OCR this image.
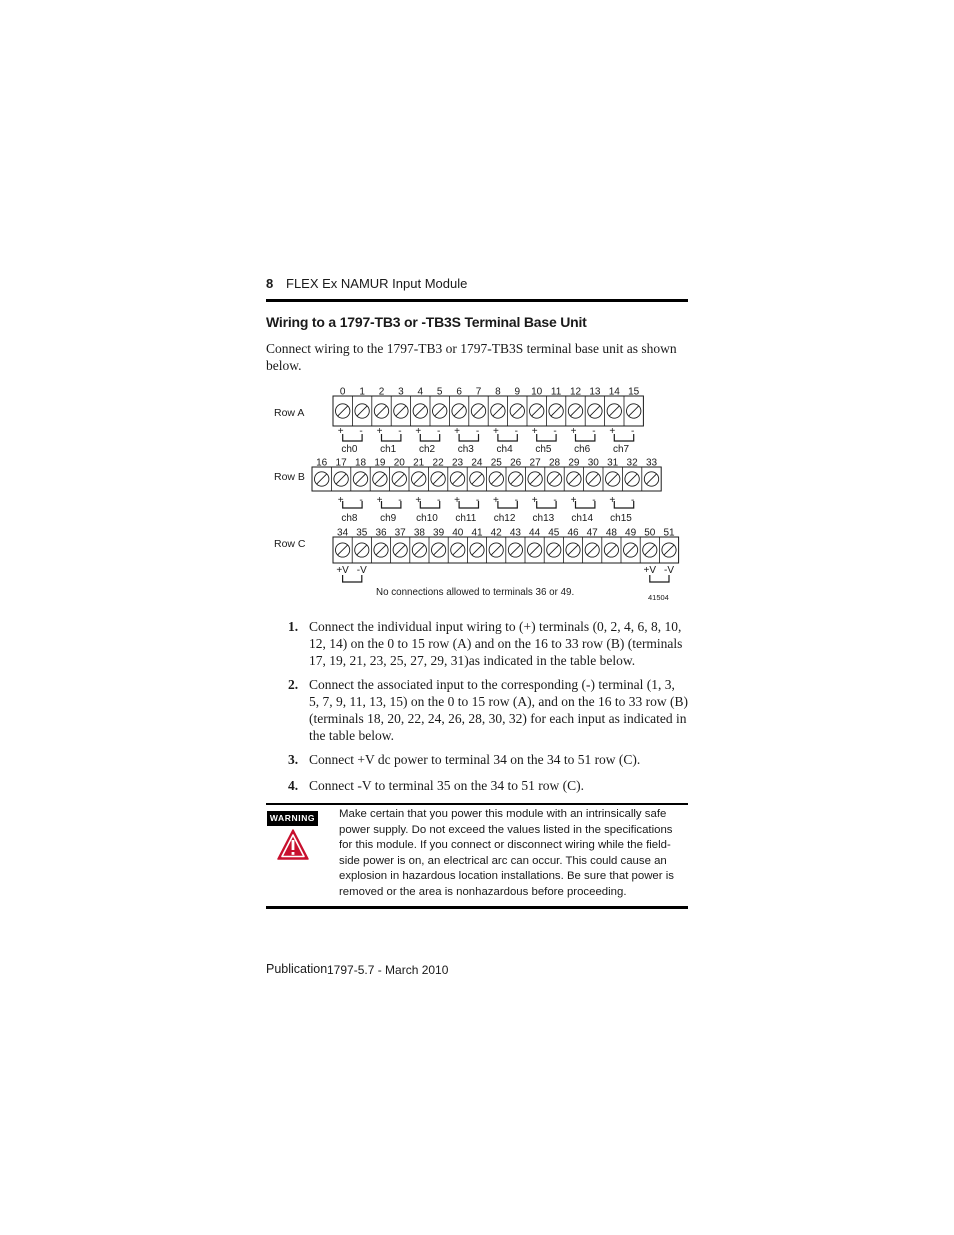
8 FLEX Ex NAMUR Input Module
Wiring to a 1797-TB3 or -TB3S Terminal Base Unit
Connect wiring to the 1797-TB3 or 1797-TB3S terminal base unit as shown below.
Row A
Row B
Row C
0 1 2 3 4 5 6 7 8 9 10 11 12 13 14 15
+ -
ch0
+ -
ch1
+ -
ch2
+ -
ch3
+ -
ch4
+ -
ch5
+ -
ch6
+ -
ch7
16 17 18 19 20 21 22 23 24 25 26 27 28 29 30 31 32 33
+ -
ch8
+ -
ch9
+ -
ch10
+ -
ch11
+ -
ch12
+ -
ch13
+ -
ch14
+ -
ch15
34 35 36 37 38 39 40 41 42 43 44 45 46 47 48 49 50 51
+V -V	+V -V
No connections allowed to terminals 36 or 49.	41504
1. Connect the individual input wiring to (+) terminals (0, 2, 4, 6, 8, 10, 12, 14) on the 0 to 15 row (A) and on the 16 to 33 row (B) (terminals 17, 19, 21, 23, 25, 27, 29, 31)as indicated in the table below.
2. Connect the associated input to the corresponding (-) terminal (1, 3, 5, 7, 9, 11, 13, 15) on the 0 to 15 row (A), and on the 16 to 33 row (B) (terminals 18, 20, 22, 24, 26, 28, 30, 32) for each input as indicated in the table below.
3. Connect +V dc power to terminal 34 on the 34 to 51 row (C).
4. Connect -V to terminal 35 on the 34 to 51 row (C).
WARNING Make certain that you power this module with an intrinsically safe power supply. Do not exceed the values listed in the specifications for this module. If you connect or disconnect wiring while the field-side power is on, an electrical arc can occur. This could cause an explosion in hazardous location installations. Be sure that power is removed or the area is nonhazardous before proceeding.
Publication 1797-5.7 - March 2010
